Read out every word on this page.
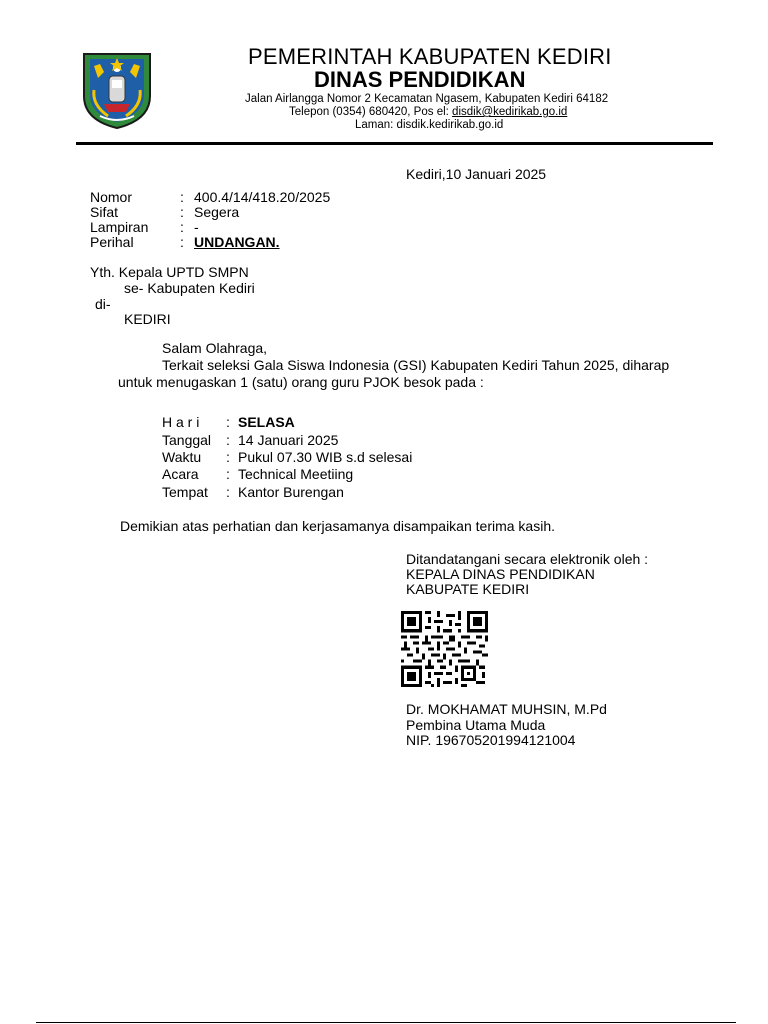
PEMERINTAH KABUPATEN KEDIRI
DINAS PENDIDIKAN
Jalan Airlangga Nomor 2 Kecamatan Ngasem, Kabupaten Kediri 64182
Telepon (0354) 680420, Pos el: disdik@kedirikab.go.id
Laman: disdik.kedirikab.go.id
Kediri,10 Januari 2025
Nomor	: 400.4/14/418.20/2025
Sifat	: Segera
Lampiran : -
Perihal	: UNDANGAN.
Yth. Kepala UPTD SMPN
se- Kabupaten Kediri
di-
KEDIRI
Salam Olahraga,
Terkait seleksi Gala Siswa Indonesia (GSI) Kabupaten Kediri Tahun 2025, diharap
untuk menugaskan 1 (satu) orang guru PJOK besok pada :
H a r i : SELASA
Tanggal : 14 Januari 2025
Waktu : Pukul 07.30 WIB s.d selesai
Acara : Technical Meetiing
Tempat : Kantor Burengan
Demikian atas perhatian dan kerjasamanya disampaikan terima kasih.
Ditandatangani secara elektronik oleh :
KEPALA DINAS PENDIDIKAN
KABUPATE KEDIRI
Dr. MOKHAMAT MUHSIN, M.Pd
Pembina Utama Muda
NIP. 196705201994121004
